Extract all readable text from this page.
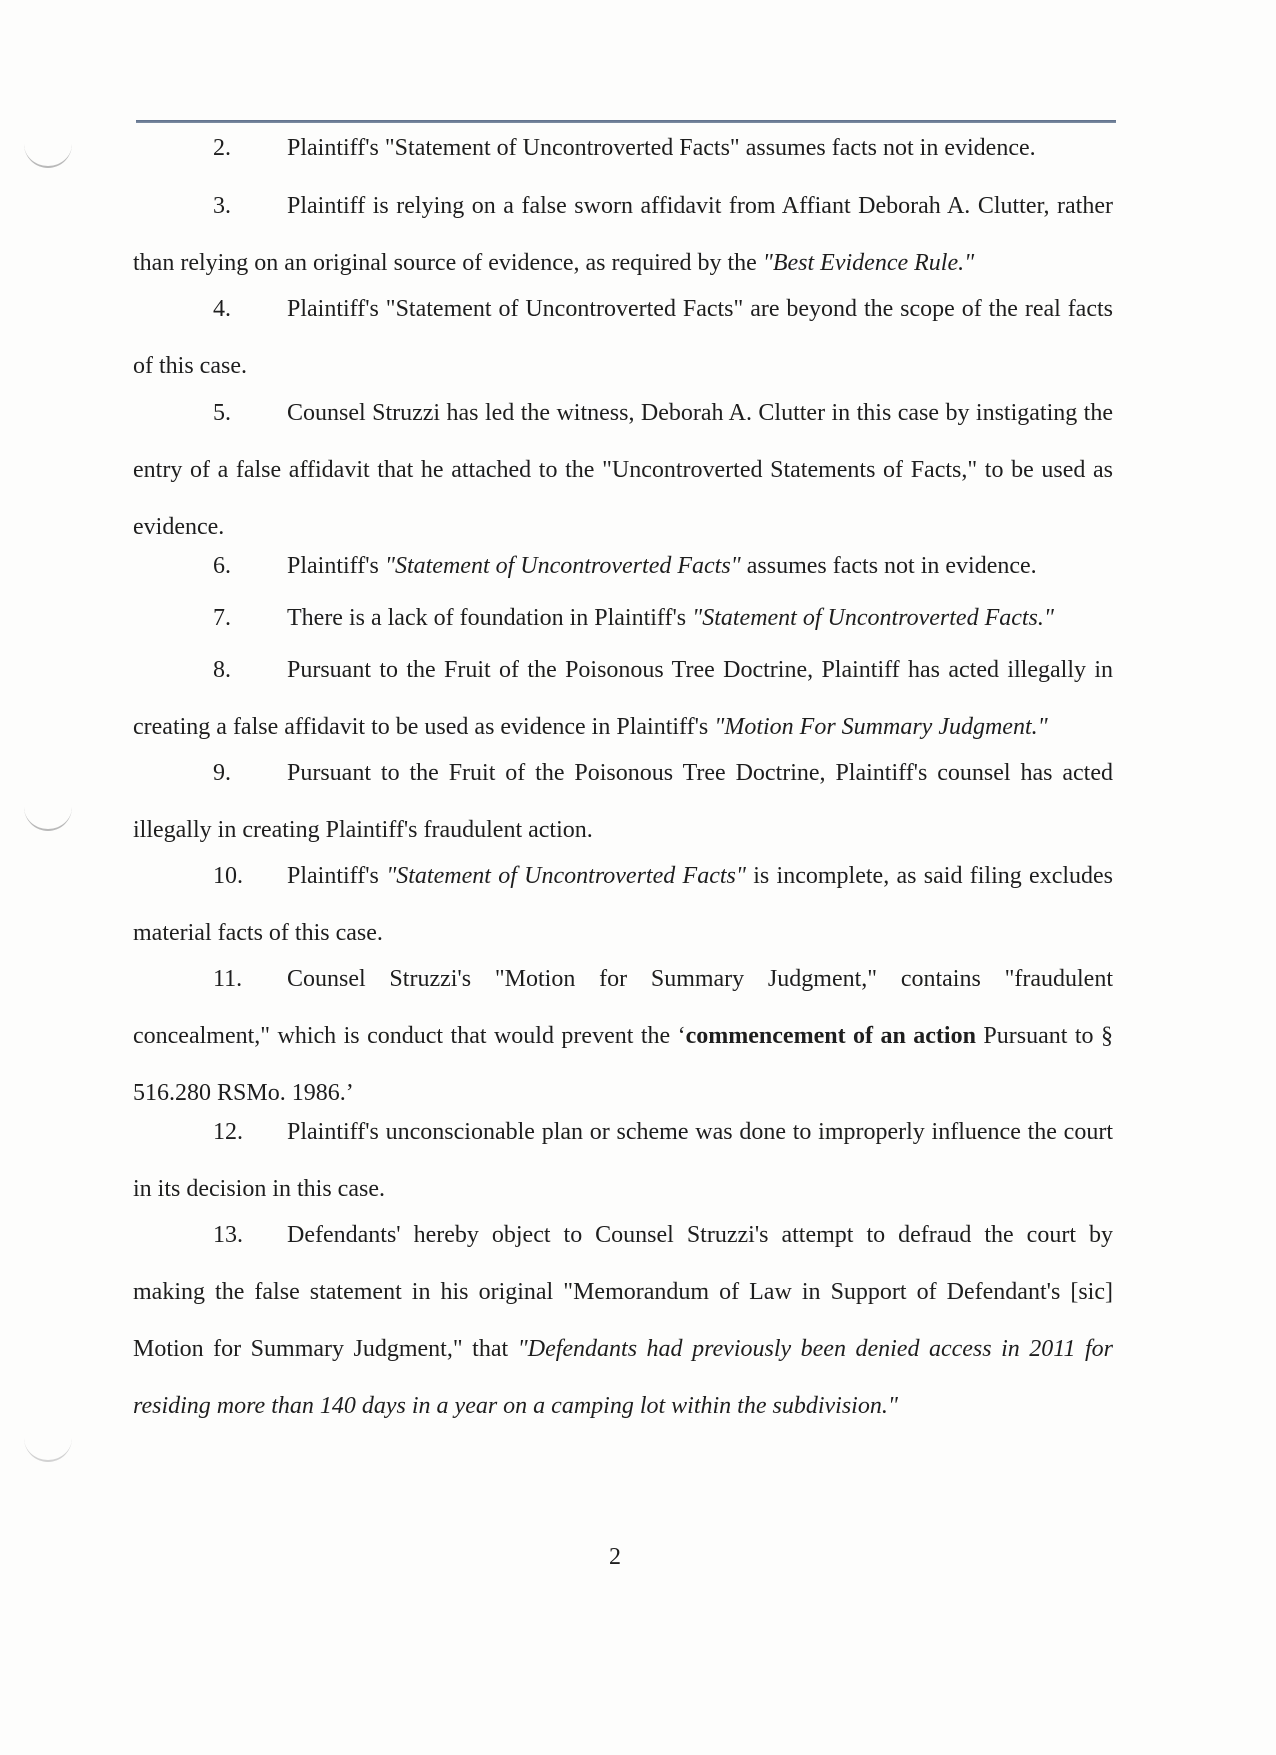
2. Plaintiff's "Statement of Uncontroverted Facts" assumes facts not in evidence.

3. Plaintiff is relying on a false sworn affidavit from Affiant Deborah A. Clutter, rather than relying on an original source of evidence, as required by the "Best Evidence Rule."

4. Plaintiff's "Statement of Uncontroverted Facts" are beyond the scope of the real facts of this case.

5. Counsel Struzzi has led the witness, Deborah A. Clutter in this case by instigating the entry of a false affidavit that he attached to the "Uncontroverted Statements of Facts," to be used as evidence.

6. Plaintiff's "Statement of Uncontroverted Facts" assumes facts not in evidence.

7. There is a lack of foundation in Plaintiff's "Statement of Uncontroverted Facts."

8. Pursuant to the Fruit of the Poisonous Tree Doctrine, Plaintiff has acted illegally in creating a false affidavit to be used as evidence in Plaintiff's "Motion For Summary Judgment."

9. Pursuant to the Fruit of the Poisonous Tree Doctrine, Plaintiff's counsel has acted illegally in creating Plaintiff's fraudulent action.

10. Plaintiff's "Statement of Uncontroverted Facts" is incomplete, as said filing excludes material facts of this case.

11. Counsel Struzzi's "Motion for Summary Judgment," contains "fraudulent concealment," which is conduct that would prevent the ‘commencement of an action Pursuant to § 516.280 RSMo. 1986.’

12. Plaintiff's unconscionable plan or scheme was done to improperly influence the court in its decision in this case.

13. Defendants' hereby object to Counsel Struzzi's attempt to defraud the court by making the false statement in his original "Memorandum of Law in Support of Defendant's [sic] Motion for Summary Judgment," that "Defendants had previously been denied access in 2011 for residing more than 140 days in a year on a camping lot within the subdivision."

2
